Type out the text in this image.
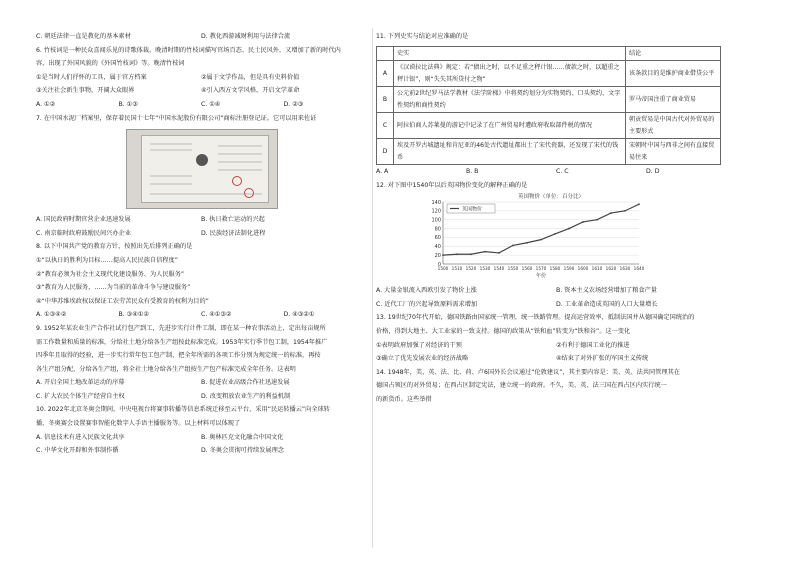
C. 朝廷法律一直是教化的基本素材	D. 教化西游减财利用与法律合流
6. 竹枝词是一种民众喜闻乐见的诗歌体裁。晚清时期的竹枝词描写官场百态、民土民风外，又增加了新的时代内
容，出现了外国风貌的《外国竹枝词》等。晚清竹枝词
①是当时人们抒怀的工具，属于官方档案	②属于文学作品，但是具有史料价值
③关注社会新生事物，开阔大众眼界	④引入西方文学风格，开启文学革命
A. ①②	B. ①③	C. ①④	D. ②③
7. 在中国水泥厂档案里，保存着民国十七年“中国水泥股份有限公司”商标注册登记证。它可以用来佐证
A. 国民政府时期官营企业迅速发展	B. 执日救亡运动的兴起
C. 南京临时政府鼓励民间兴办企业	D. 民族经济法制化进程
8. 以下中国共产党的教育方针，按照出先后排列正确的是
①“以执日的胜利为目标……提高人民民族自信程度”
②“教育必须为社会主义现代化建设服务、为人民服务”
③“教育为人民服务，……为当前的革命斗争与建设服务”
④“中华苏维埃政权以保证工农劳苦民众有受教育的权利为目的”
A. ①③④②	B. ③④①②	C. ④①③②	D. ④③②①
9. 1952年某农业生产合作社试行包产到工，先进步实行计件工制，即在某一种农事活动上，定出每亩规所
需工作数量和质量的标准，分给社土地分给各生产组按此标准完成。1953年实行季节包工制，1954年推广
四季年且取得的经验，进一步实行常年包工包产制，把全年所需的各项工作分别为规定统一的标准，再按
各生产组分配，分给各生产组，将全社土地分给各生产组按生产包产标准完成全年任务。这表明
A. 开启全国土地改革运动的序幕	B. 促进农业高级合作社迅速发展
C. 扩大农民个体生产经营自主权	D. 改变粗放农业生产的利益机制
10. 2022年北京冬奥会期间，中央电视台将赛事转播等信息系统迁移至云平台，采用“民运转播云”向全球转
播，冬奥赛会设置赛事智能化数字人手语主播服务等。以上材料可以体现了
A. 信息技术有进入民族文化共享	B. 奥林匹克文化融合中国文化
C. 中华文化开辟和外事制作循	D. 冬奥会贯彻可持续发展理念
11. 下列史实与结论对应准确的是
	史实	结论
A	《汉谟拉比法典》规定：若“债出之时，以不足重之秤计银……债款之时，以超重之秤计银”，则“失失其所贷付之物”	该条款目的是维护商业借贷公平
B	公元前2世纪罗马法学教材《法学阶梯》中将契约划分为实物契约、口头契约、文字性契约和商性契约	罗马帝国注重了商业贸易
C	阿拉伯商人苏莱曼的游记中记录了在广州贸易时遭政府收取部件税的情况	朝贡贸易是中国古代对外贸易的主要形式
D	埃及开罗古城遗址和肯尼亚的46处古代遗址都出土了宋代瓷器，还发现了宋代的钱币	宋朝时中国与西非之间有直接贸易往来
A. A	B. B	C. C	D. D
12. 对下图中1540年以后英国物价变化的解释正确的是
英国物价（单位：百分比）
0
20
40
60
80
100
120
140
1500 1510 1520 1530 1540 1550 1560 1570 1580 1590 1600 1610 1620 1630 1640
年份
英国物价
A. 大量金银流入西欧引发了物价上涨	B. 资本主义农场经营增加了粮食产量
C. 近代工厂的兴起导致原料需求增加	D. 工业革命造成英国的人口大量增长
13. 19世纪70年代开始，德国铁路由国家统一管理，统一铁路管理。提高运营效率，抵制法国并从德国确定国统治的
价格，得到大地主、大工业家的一致支持。德国的政策从“铁和血”转变为“铁和谷”。这一变化
①表明政府加强了对经济的干预	②有利于德国工业化的推进
③确立了优先发展农业的经济战略	④结束了对外扩张的军国主义传统
14. 1948年，美、英、法、比、荷、卢6国外长会议通过“伦敦建议”，其主要内容是：美、英、法共同管理其在
德国占领区的对外贸易；在西占区制定宪法，建立统一的政府。不久，美、英、法三国在西占区内实行统一
的新货币。这些举措
